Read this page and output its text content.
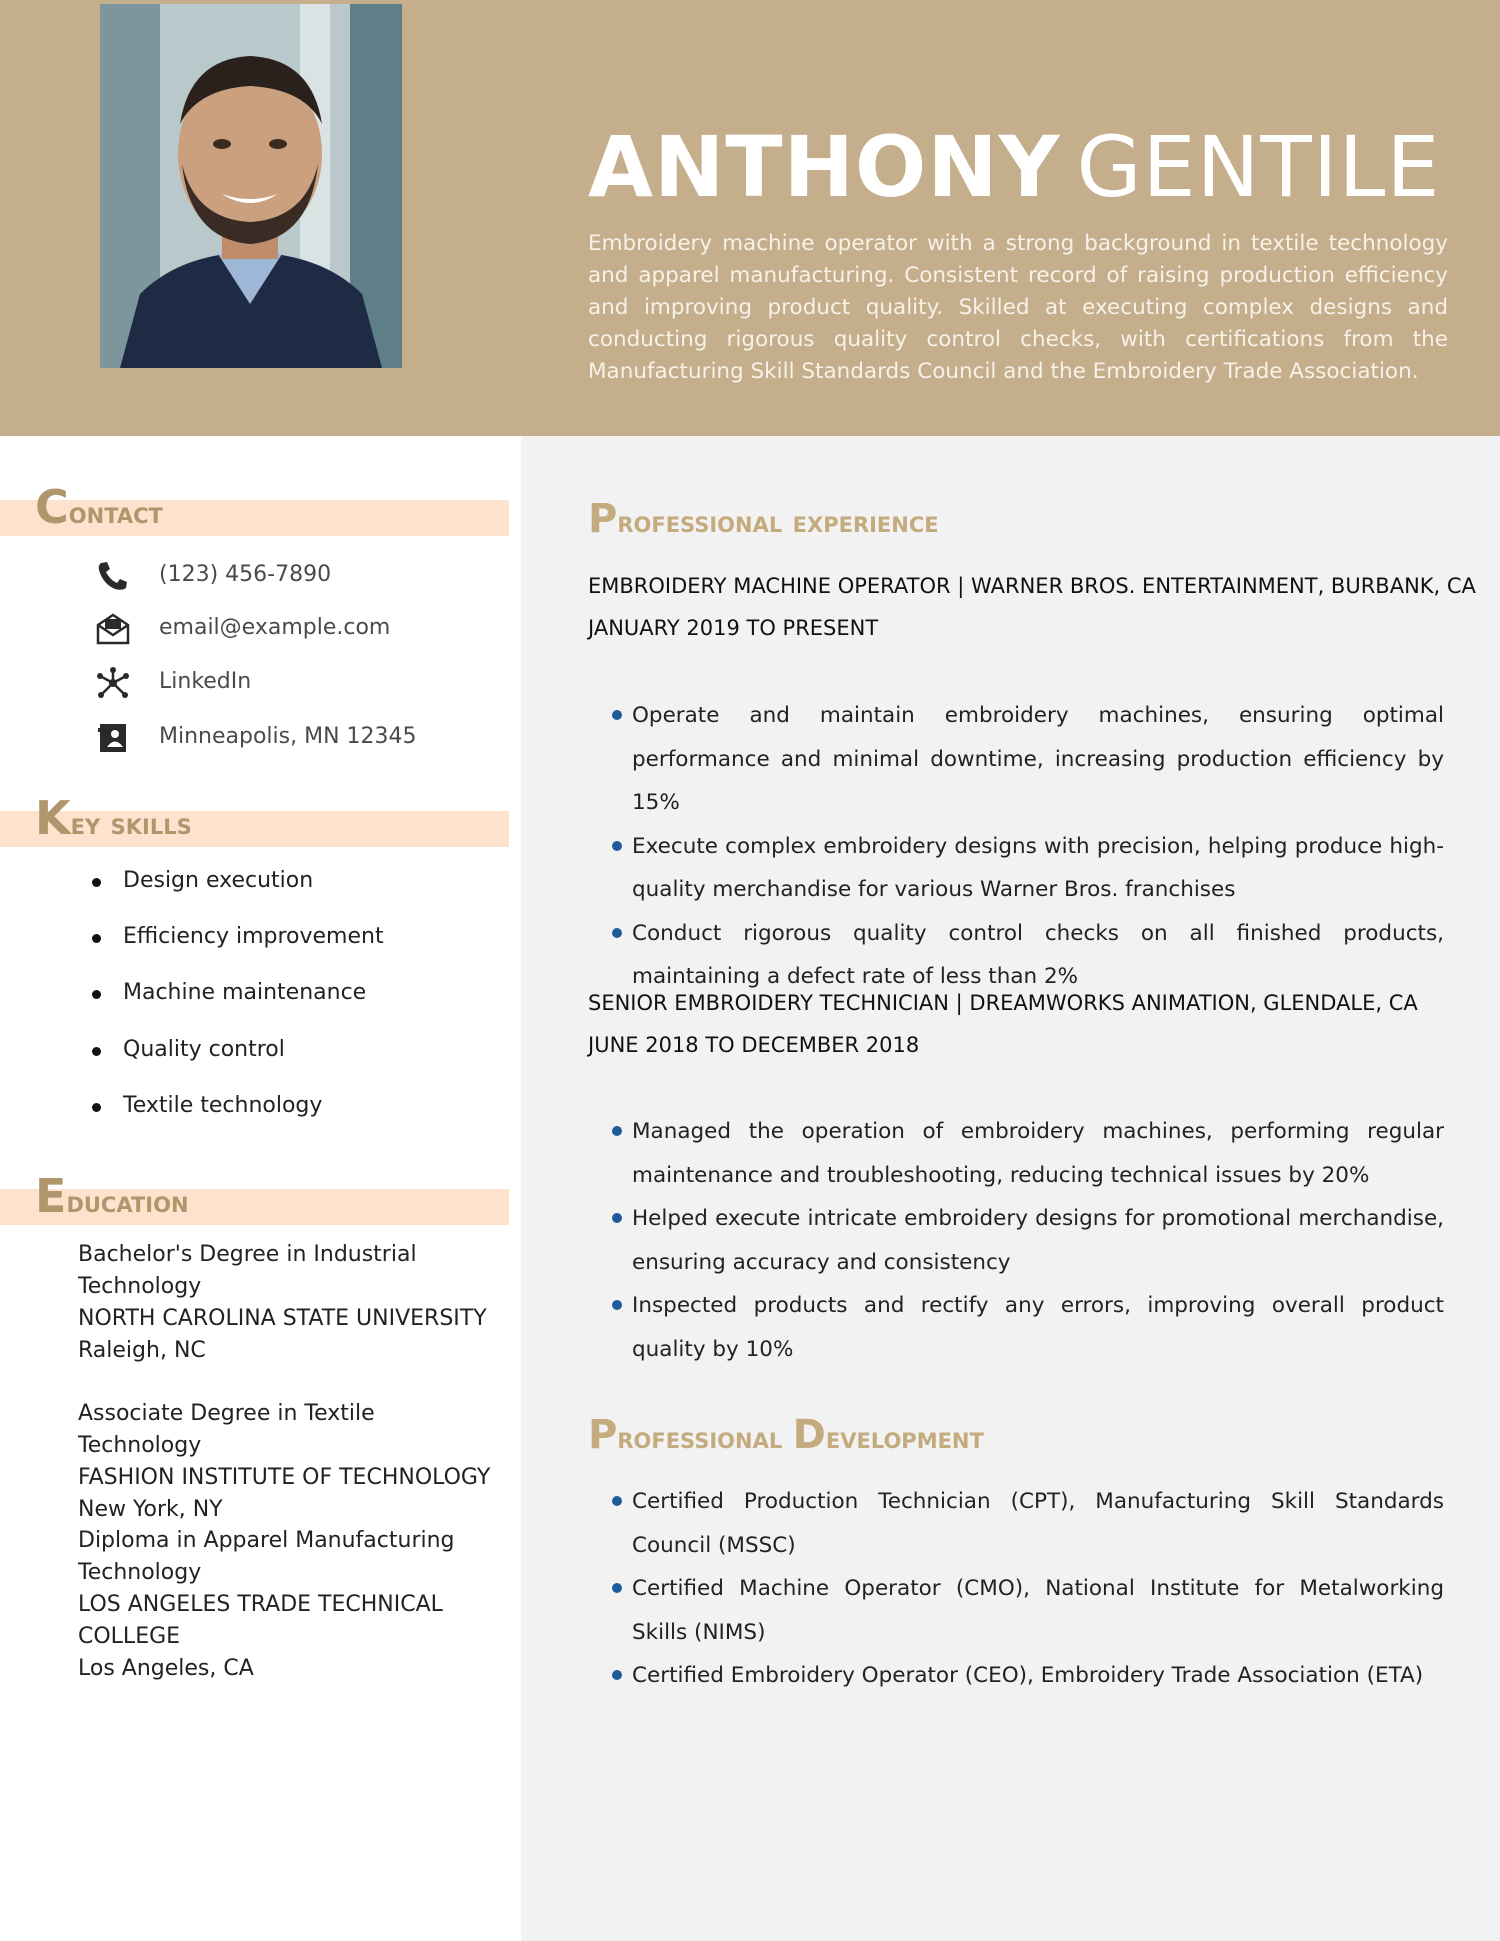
ANTHONY GENTILE
Embroidery machine operator with a strong background in textile technology and apparel manufacturing. Consistent record of raising production efficiency and improving product quality. Skilled at executing complex designs and conducting rigorous quality control checks, with certifications from the Manufacturing Skill Standards Council and the Embroidery Trade Association.
Contact
(123) 456-7890
email@example.com
LinkedIn
Minneapolis, MN 12345
Key skills
Design execution
Efficiency improvement
Machine maintenance
Quality control
Textile technology
Education
Bachelor's Degree in Industrial Technology
NORTH CAROLINA STATE UNIVERSITY
Raleigh, NC
Associate Degree in Textile Technology
FASHION INSTITUTE OF TECHNOLOGY
New York, NY
Diploma in Apparel Manufacturing Technology
LOS ANGELES TRADE TECHNICAL COLLEGE
Los Angeles, CA
Professional experience
EMBROIDERY MACHINE OPERATOR | WARNER BROS. ENTERTAINMENT, BURBANK, CA
JANUARY 2019 TO PRESENT
Operate and maintain embroidery machines, ensuring optimal performance and minimal downtime, increasing production efficiency by 15%
Execute complex embroidery designs with precision, helping produce high-quality merchandise for various Warner Bros. franchises
Conduct rigorous quality control checks on all finished products, maintaining a defect rate of less than 2%
SENIOR EMBROIDERY TECHNICIAN | DREAMWORKS ANIMATION, GLENDALE, CA
JUNE 2018 TO DECEMBER 2018
Managed the operation of embroidery machines, performing regular maintenance and troubleshooting, reducing technical issues by 20%
Helped execute intricate embroidery designs for promotional merchandise, ensuring accuracy and consistency
Inspected products and rectify any errors, improving overall product quality by 10%
Professional Development
Certified Production Technician (CPT), Manufacturing Skill Standards Council (MSSC)
Certified Machine Operator (CMO), National Institute for Metalworking Skills (NIMS)
Certified Embroidery Operator (CEO), Embroidery Trade Association (ETA)
